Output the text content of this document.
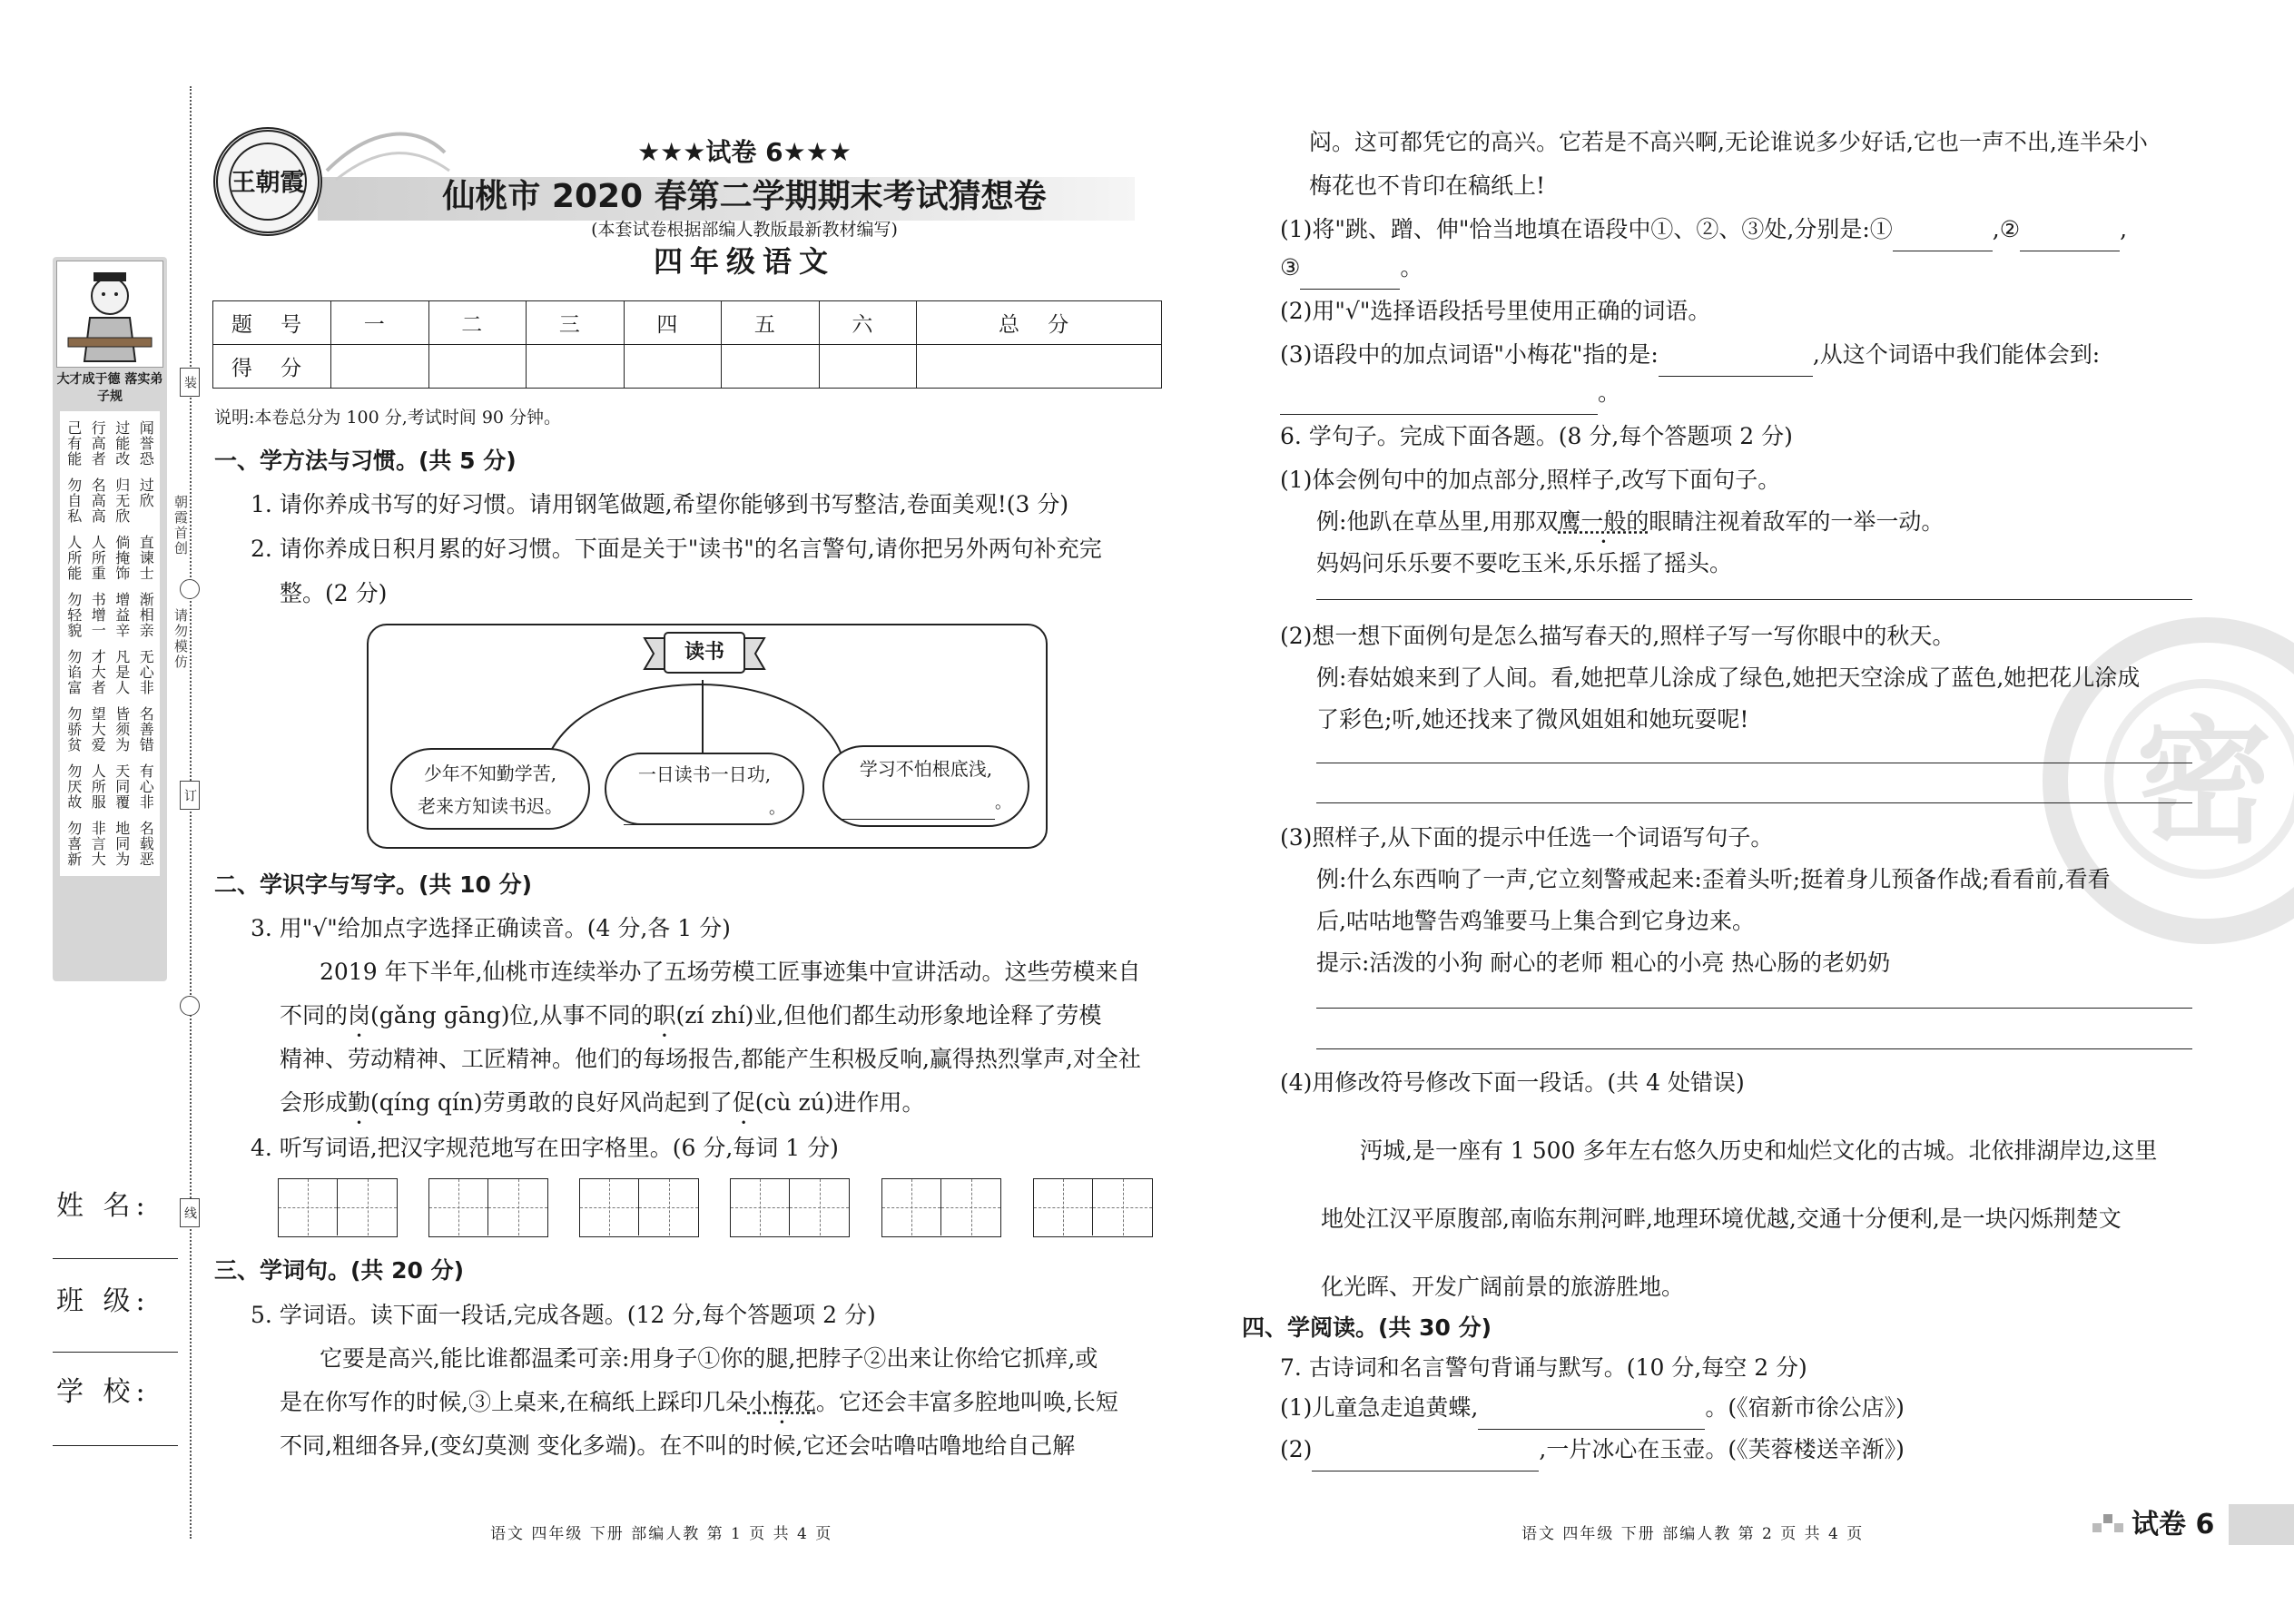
大才成于德 落实弟子规
己有能 行高者 过能改 闻誉恐
勿自私 名高高 归无欣 过欣
人所能 人所重 倘掩饰 直谏士
勿轻貌 书增一 增益辛 渐相亲
勿谄富 才大者 凡是人 无心非
勿骄贫 望大爱 皆须为 名善错
勿厌故 人所服 天同覆 有心非
勿喜新 非言大 地同为 名载恶
装
订
线
朝霞首创
请勿模仿
姓 名:
班 级:
学 校:
王朝霞
★★★试卷 6★★★
仙桃市 2020 春第二学期期末考试猜想卷
(本套试卷根据部编人教版最新教材编写)
四年级语文
题 号	一	二	三	四	五	六	总 分
得 分							
说明:本卷总分为 100 分,考试时间 90 分钟。
一、学方法与习惯。(共 5 分)
1. 请你养成书写的好习惯。请用钢笔做题,希望你能够到书写整洁,卷面美观!(3 分)
2. 请你养成日积月累的好习惯。下面是关于"读书"的名言警句,请你把另外两句补充完
整。(2 分)
读书
少年不知勤学苦,
老来方知读书迟。
一日读书一日功,
。
学习不怕根底浅,
。
二、学识字与写字。(共 10 分)
3. 用"√"给加点字选择正确读音。(4 分,各 1 分)
2019 年下半年,仙桃市连续举办了五场劳模工匠事迹集中宣讲活动。这些劳模来自
不同的岗(gǎng gāng)位,从事不同的职(zí zhí)业,但他们都生动形象地诠释了劳模
精神、劳动精神、工匠精神。他们的每场报告,都能产生积极反响,赢得热烈掌声,对全社
会形成勤(qíng qín)劳勇敢的良好风尚起到了促(cù zú)进作用。
4. 听写词语,把汉字规范地写在田字格里。(6 分,每词 1 分)
三、学词句。(共 20 分)
5. 学词语。读下面一段话,完成各题。(12 分,每个答题项 2 分)
它要是高兴,能比谁都温柔可亲:用身子①你的腿,把脖子②出来让你给它抓痒,或
是在你写作的时候,③上桌来,在稿纸上踩印几朵小梅花。它还会丰富多腔地叫唤,长短
不同,粗细各异,(变幻莫测 变化多端)。在不叫的时候,它还会咕噜咕噜地给自己解
语文 四年级 下册 部编人教 第 1 页 共 4 页
密
闷。这可都凭它的高兴。它若是不高兴啊,无论谁说多少好话,它也一声不出,连半朵小
梅花也不肯印在稿纸上!
(1)将"跳、蹭、伸"恰当地填在语段中①、②、③处,分别是:①	,②	,
③	。
(2)用"√"选择语段括号里使用正确的词语。
(3)语段中的加点词语"小梅花"指的是:	,从这个词语中我们能体会到:
。
6. 学句子。完成下面各题。(8 分,每个答题项 2 分)
(1)体会例句中的加点部分,照样子,改写下面句子。
例:他趴在草丛里,用那双鹰一般的眼睛注视着敌军的一举一动。
妈妈问乐乐要不要吃玉米,乐乐摇了摇头。
(2)想一想下面例句是怎么描写春天的,照样子写一写你眼中的秋天。
例:春姑娘来到了人间。看,她把草儿涂成了绿色,她把天空涂成了蓝色,她把花儿涂成
了彩色;听,她还找来了微风姐姐和她玩耍呢!
(3)照样子,从下面的提示中任选一个词语写句子。
例:什么东西响了一声,它立刻警戒起来:歪着头听;挺着身儿预备作战;看看前,看看
后,咕咕地警告鸡雏要马上集合到它身边来。
提示:活泼的小狗 耐心的老师 粗心的小亮 热心肠的老奶奶
(4)用修改符号修改下面一段话。(共 4 处错误)
沔城,是一座有 1 500 多年左右悠久历史和灿烂文化的古城。北依排湖岸边,这里
地处江汉平原腹部,南临东荆河畔,地理环境优越,交通十分便利,是一块闪烁荆楚文
化光晖、开发广阔前景的旅游胜地。
四、学阅读。(共 30 分)
7. 古诗词和名言警句背诵与默写。(10 分,每空 2 分)
(1)儿童急走追黄蝶,	。(《宿新市徐公店》)
(2)	,一片冰心在玉壶。(《芙蓉楼送辛渐》)
语文 四年级 下册 部编人教 第 2 页 共 4 页	试卷 6
